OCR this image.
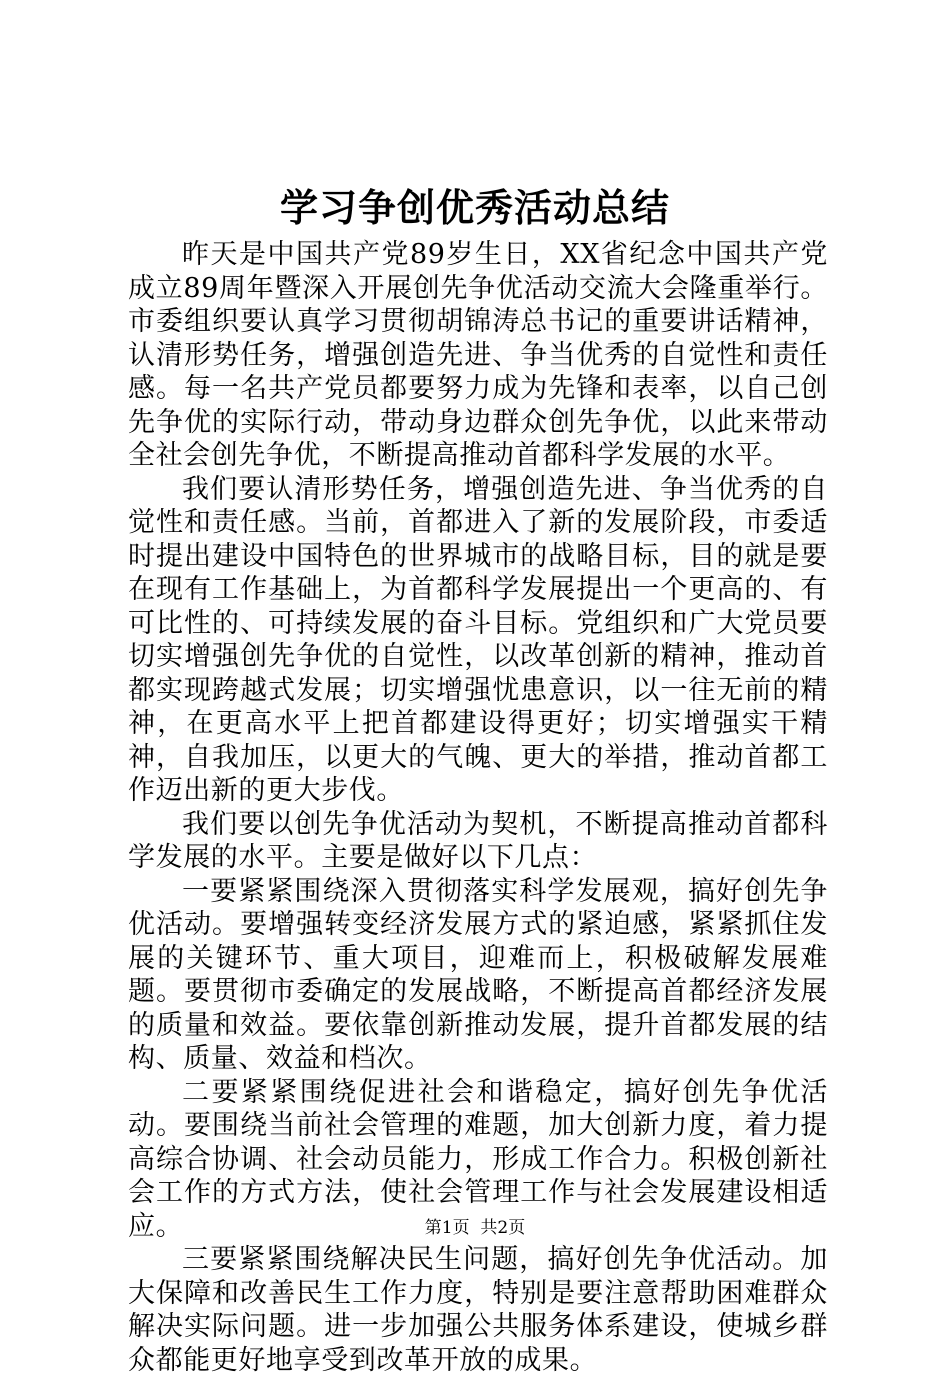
学习争创优秀活动总结

昨天是中国共产党89岁生日，XX省纪念中国共产党成立89周年暨深入开展创先争优活动交流大会隆重举行。市委组织要认真学习贯彻胡锦涛总书记的重要讲话精神，认清形势任务，增强创造先进、争当优秀的自觉性和责任感。每一名共产党员都要努力成为先锋和表率，以自己创先争优的实际行动，带动身边群众创先争优，以此来带动全社会创先争优，不断提高推动首都科学发展的水平。

我们要认清形势任务，增强创造先进、争当优秀的自觉性和责任感。当前，首都进入了新的发展阶段，市委适时提出建设中国特色的世界城市的战略目标，目的就是要在现有工作基础上，为首都科学发展提出一个更高的、有可比性的、可持续发展的奋斗目标。党组织和广大党员要切实增强创先争优的自觉性，以改革创新的精神，推动首都实现跨越式发展；切实增强忧患意识，以一往无前的精神，在更高水平上把首都建设得更好；切实增强实干精神，自我加压，以更大的气魄、更大的举措，推动首都工作迈出新的更大步伐。

我们要以创先争优活动为契机，不断提高推动首都科学发展的水平。主要是做好以下几点：

一要紧紧围绕深入贯彻落实科学发展观，搞好创先争优活动。要增强转变经济发展方式的紧迫感，紧紧抓住发展的关键环节、重大项目，迎难而上，积极破解发展难题。要贯彻市委确定的发展战略，不断提高首都经济发展的质量和效益。要依靠创新推动发展，提升首都发展的结构、质量、效益和档次。

二要紧紧围绕促进社会和谐稳定，搞好创先争优活动。要围绕当前社会管理的难题，加大创新力度，着力提高综合协调、社会动员能力，形成工作合力。积极创新社会工作的方式方法，使社会管理工作与社会发展建设相适应。

三要紧紧围绕解决民生问题，搞好创先争优活动。加大保障和改善民生工作力度，特别是要注意帮助困难群众解决实际问题。进一步加强公共服务体系建设，使城乡群众都能更好地享受到改革开放的成果。

第1页 共2页
